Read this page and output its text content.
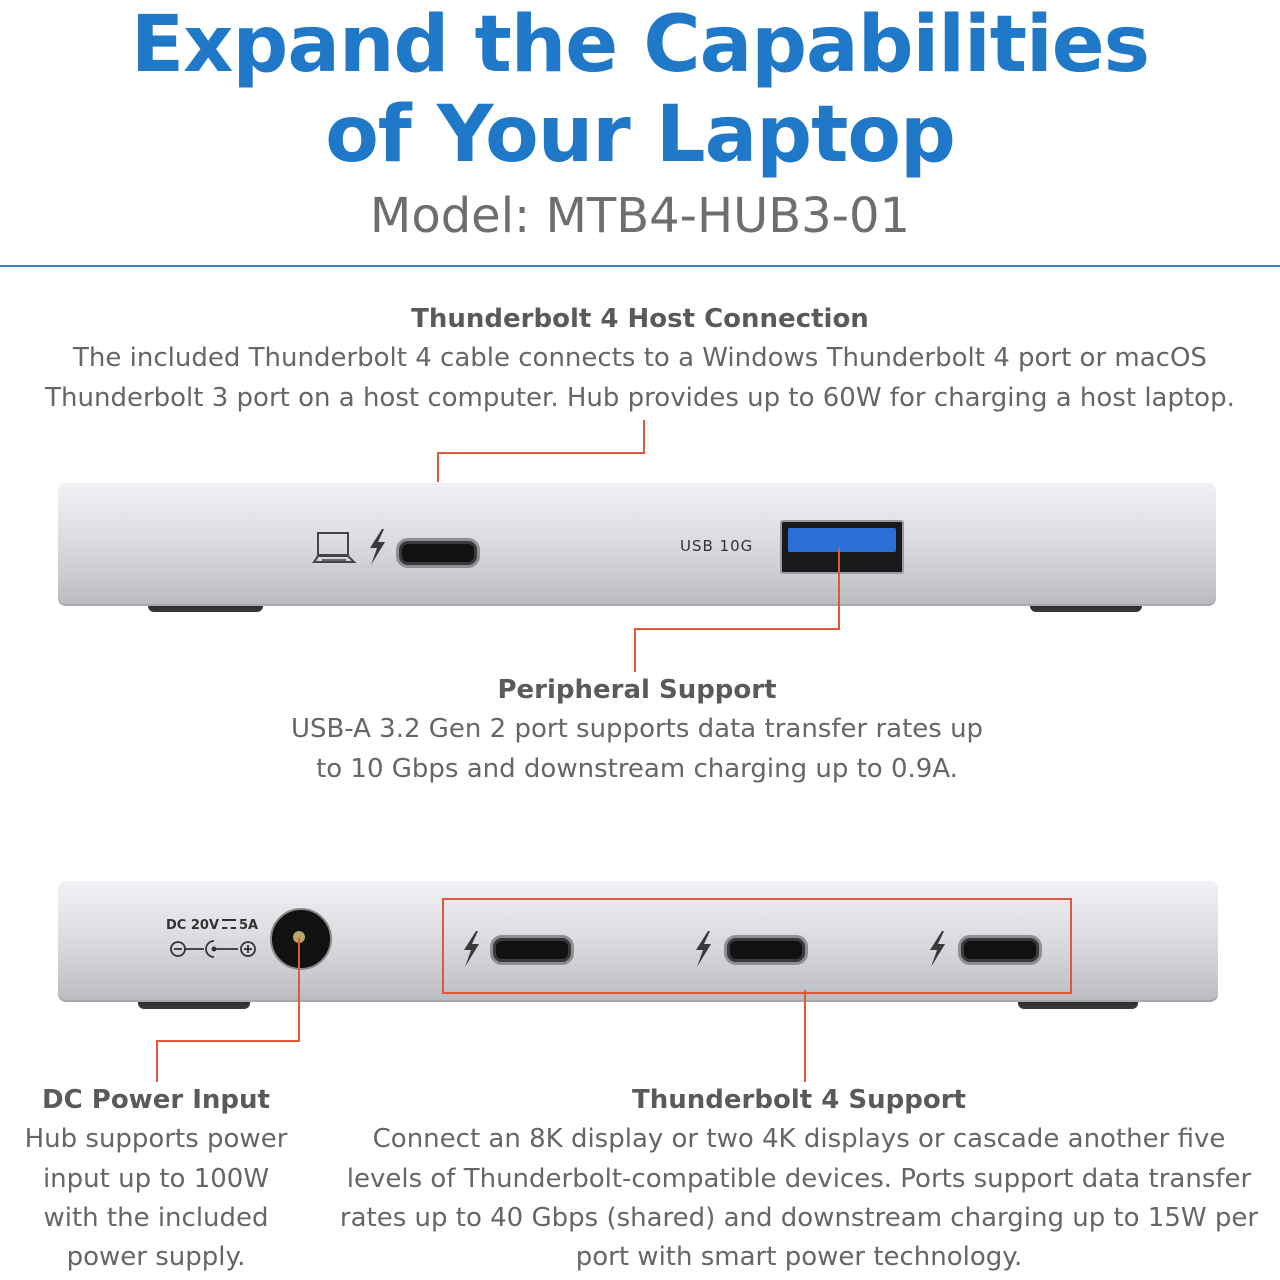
Expand the Capabilities
of Your Laptop
Model: MTB4-HUB3-01
Thunderbolt 4 Host Connection
The included Thunderbolt 4 cable connects to a Windows Thunderbolt 4 port or macOS
Thunderbolt 3 port on a host computer. Hub provides up to 60W for charging a host laptop.
USB 10G
Peripheral Support
USB-A 3.2 Gen 2 port supports data transfer rates up
to 10 Gbps and downstream charging up to 0.9A.
DC 20V 5A
DC Power Input
Hub supports power
input up to 100W
with the included
power supply.
Thunderbolt 4 Support
Connect an 8K display or two 4K displays or cascade another five
levels of Thunderbolt-compatible devices. Ports support data transfer
rates up to 40 Gbps (shared) and downstream charging up to 15W per
port with smart power technology.
